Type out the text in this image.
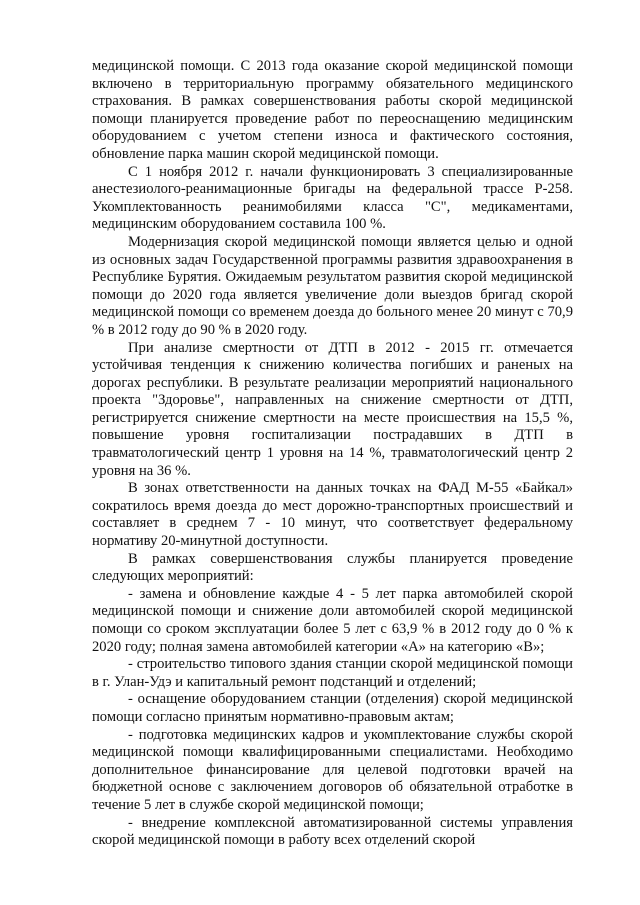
медицинской помощи. С 2013 года оказание скорой медицинской помощи включено в территориальную программу обязательного медицинского страхования. В рамках совершенствования работы скорой медицинской помощи планируется проведение работ по переоснащению медицинским оборудованием с учетом степени износа и фактического состояния, обновление парка машин скорой медицинской помощи.

С 1 ноября 2012 г. начали функционировать 3 специализированные анестезиолого-реанимационные бригады на федеральной трассе Р-258. Укомплектованность реанимобилями класса "С", медикаментами, медицинским оборудованием составила 100 %.

Модернизация скорой медицинской помощи является целью и одной из основных задач Государственной программы развития здравоохранения в Республике Бурятия. Ожидаемым результатом развития скорой медицинской помощи до 2020 года является увеличение доли выездов бригад скорой медицинской помощи со временем доезда до больного менее 20 минут с 70,9 % в 2012 году до 90 % в 2020 году.

При анализе смертности от ДТП в 2012 - 2015 гг. отмечается устойчивая тенденция к снижению количества погибших и раненых на дорогах республики. В результате реализации мероприятий национального проекта "Здоровье", направленных на снижение смертности от ДТП, регистрируется снижение смертности на месте происшествия на 15,5 %, повышение уровня госпитализации пострадавших в ДТП в травматологический центр 1 уровня на 14 %, травматологический центр 2 уровня на 36 %.

В зонах ответственности на данных точках на ФАД М-55 «Байкал» сократилось время доезда до мест дорожно-транспортных происшествий и составляет в среднем 7 - 10 минут, что соответствует федеральному нормативу 20-минутной доступности.

В рамках совершенствования службы планируется проведение следующих мероприятий:

- замена и обновление каждые 4 - 5 лет парка автомобилей скорой медицинской помощи и снижение доли автомобилей скорой медицинской помощи со сроком эксплуатации более 5 лет с 63,9 % в 2012 году до 0 % к 2020 году; полная замена автомобилей категории «А» на категорию «В»;

- строительство типового здания станции скорой медицинской помощи в г. Улан-Удэ и капитальный ремонт подстанций и отделений;

- оснащение оборудованием станции (отделения) скорой медицинской помощи согласно принятым нормативно-правовым актам;

- подготовка медицинских кадров и укомплектование службы скорой медицинской помощи квалифицированными специалистами. Необходимо дополнительное финансирование для целевой подготовки врачей на бюджетной основе с заключением договоров об обязательной отработке в течение 5 лет в службе скорой медицинской помощи;

- внедрение комплексной автоматизированной системы управления скорой медицинской помощи в работу всех отделений скорой
